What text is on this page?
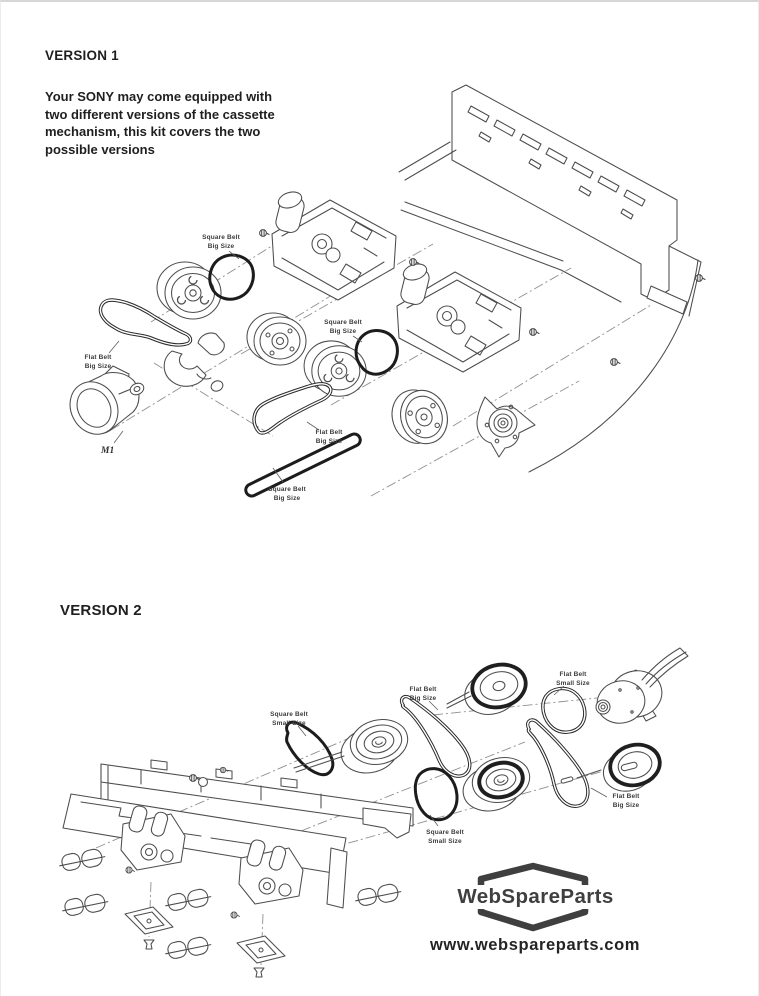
VERSION 1
Your SONY may come equipped with
two different versions of the cassette
mechanism, this kit covers the two
possible versions
Square Belt
Big Size
Flat Belt
Big Size
M1
Square Belt
Big Size
Flat Belt
Big Size
Square Belt
Big Size
VERSION 2
Square Belt
Small Size
Flat Belt
Big Size
Flat Belt
Small Size
Flat Belt
Big Size
Square Belt
Small Size
WebSpareParts
www.webspareparts.com
